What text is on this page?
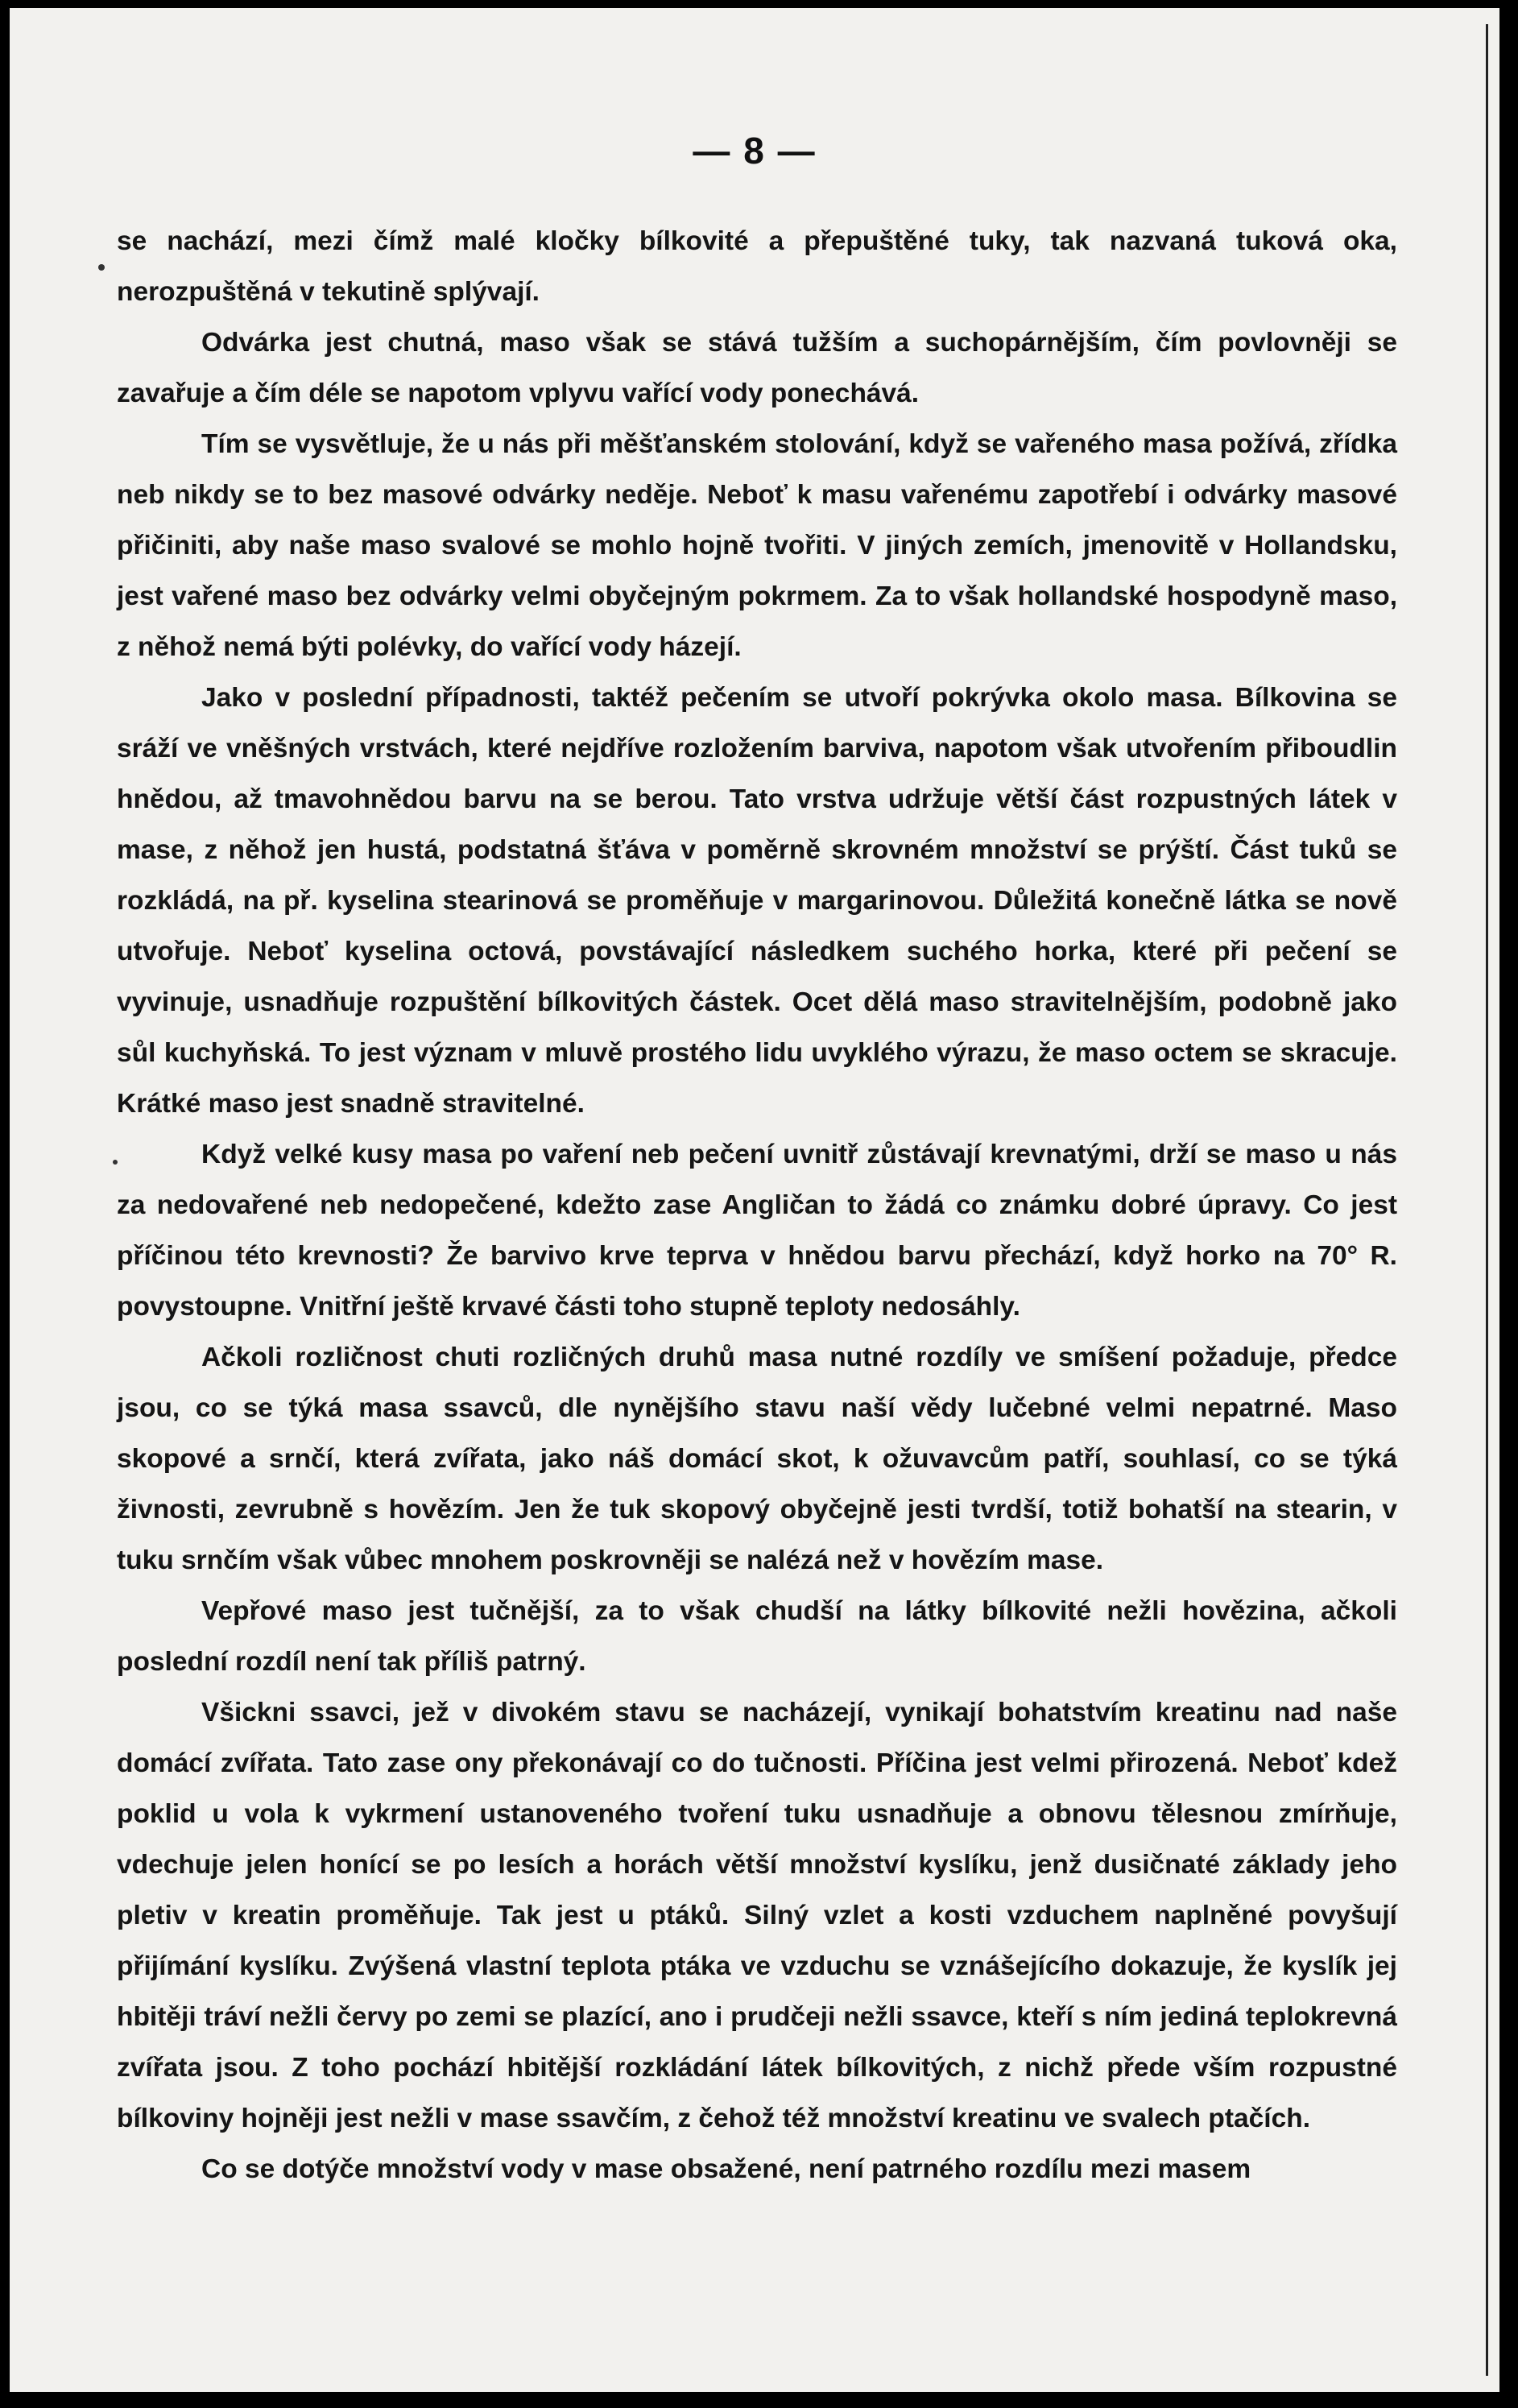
— 8 —

se nachází, mezi čímž malé kločky bílkovité a přepuštěné tuky, tak nazvaná tuková oka, nerozpuštěná v tekutině splývají.

Odvárka jest chutná, maso však se stává tužším a suchopárnějším, čím povlovněji se zavařuje a čím déle se napotom vplyvu vařící vody ponechává.

Tím se vysvětluje, že u nás při měšťanském stolování, když se vařeného masa požívá, zřídka neb nikdy se to bez masové odvárky neděje. Neboť k masu vařenému zapotřebí i odvárky masové přičiniti, aby naše maso svalové se mohlo hojně tvořiti. V jiných zemích, jmenovitě v Hollandsku, jest vařené maso bez odvárky velmi obyčejným pokrmem. Za to však hollandské hospodyně maso, z něhož nemá býti polévky, do vařící vody házejí.

Jako v poslední případnosti, taktéž pečením se utvoří pokrývka okolo masa. Bílkovina se sráží ve vněšných vrstvách, které nejdříve rozložením barviva, napotom však utvořením přiboudlin hnědou, až tmavohnědou barvu na se berou. Tato vrstva udržuje větší část rozpustných látek v mase, z něhož jen hustá, podstatná šťáva v poměrně skrovném množství se prýští. Část tuků se rozkládá, na př. kyselina stearinová se proměňuje v margarinovou. Důležitá konečně látka se nově utvořuje. Neboť kyselina octová, povstávající následkem suchého horka, které při pečení se vyvinuje, usnadňuje rozpuštění bílkovitých částek. Ocet dělá maso stravitelnějším, podobně jako sůl kuchyňská. To jest význam v mluvě prostého lidu uvyklého výrazu, že maso octem se skracuje. Krátké maso jest snadně stravitelné.

Když velké kusy masa po vaření neb pečení uvnitř zůstávají krevnatými, drží se maso u nás za nedovařené neb nedopečené, kdežto zase Angličan to žádá co známku dobré úpravy. Co jest příčinou této krevnosti? Že barvivo krve teprva v hnědou barvu přechází, když horko na 70° R. povystoupne. Vnitřní ještě krvavé části toho stupně teploty nedosáhly.

Ačkoli rozličnost chuti rozličných druhů masa nutné rozdíly ve smíšení požaduje, předce jsou, co se týká masa ssavců, dle nynějšího stavu naší vědy lučebné velmi nepatrné. Maso skopové a srnčí, která zvířata, jako náš domácí skot, k ožuvavcům patří, souhlasí, co se týká živnosti, zevrubně s hovězím. Jen že tuk skopový obyčejně jesti tvrdší, totiž bohatší na stearin, v tuku srnčím však vůbec mnohem poskrovněji se nalézá než v hovězím mase.

Vepřové maso jest tučnější, za to však chudší na látky bílkovité nežli hovězina, ačkoli poslední rozdíl není tak příliš patrný.

Všickni ssavci, jež v divokém stavu se nacházejí, vynikají bohatstvím kreatinu nad naše domácí zvířata. Tato zase ony překonávají co do tučnosti. Příčina jest velmi přirozená. Neboť kdež poklid u vola k vykrmení ustanoveného tvoření tuku usnadňuje a obnovu tělesnou zmírňuje, vdechuje jelen honící se po lesích a horách větší množství kyslíku, jenž dusičnaté základy jeho pletiv v kreatin proměňuje. Tak jest u ptáků. Silný vzlet a kosti vzduchem naplněné povyšují přijímání kyslíku. Zvýšená vlastní teplota ptáka ve vzduchu se vznášejícího dokazuje, že kyslík jej hbitěji tráví nežli červy po zemi se plazící, ano i prudčeji nežli ssavce, kteří s ním jediná teplokrevná zvířata jsou. Z toho pochází hbitější rozkládání látek bílkovitých, z nichž přede vším rozpustné bílkoviny hojněji jest nežli v mase ssavčím, z čehož též množství kreatinu ve svalech ptačích.

Co se dotýče množství vody v mase obsažené, není patrného rozdílu mezi masem
